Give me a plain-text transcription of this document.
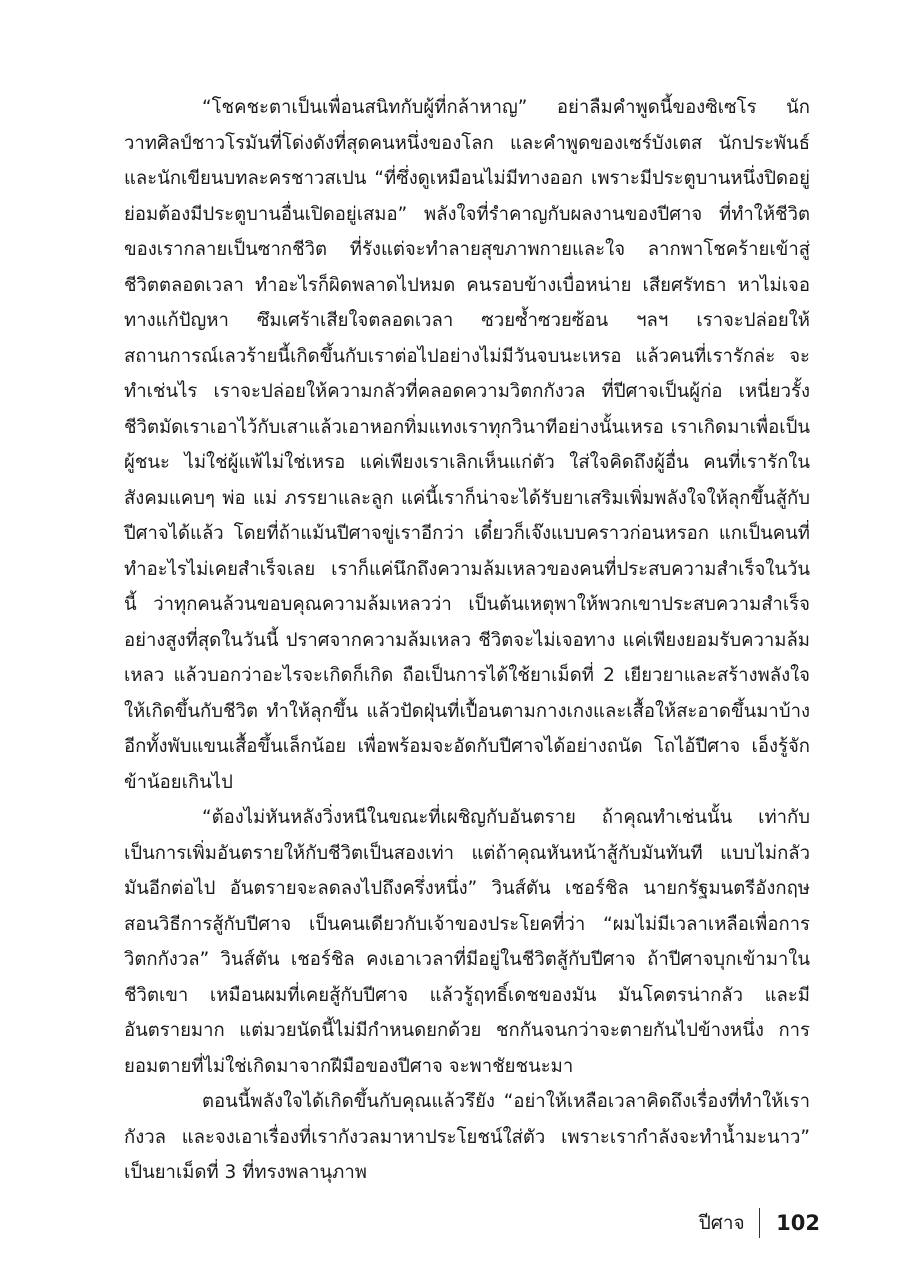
“โชคชะตาเป็นเพื่อนสนิทกับผู้ที่กล้าหาญ” อย่าลืมคำพูดนี้ของซิเซโร นักวาทศิลป์ชาวโรมันที่โด่งดังที่สุดคนหนึ่งของโลก และคำพูดของเซร์บังเตส นักประพันธ์และนักเขียนบทละครชาวสเปน “ที่ซึ่งดูเหมือนไม่มีทางออก เพราะมีประตูบานหนึ่งปิดอยู่ย่อมต้องมีประตูบานอื่นเปิดอยู่เสมอ” พลังใจที่รำคาญกับผลงานของปีศาจ ที่ทำให้ชีวิตของเรากลายเป็นซากชีวิต ที่รังแต่จะทำลายสุขภาพกายและใจ ลากพาโชคร้ายเข้าสู่ชีวิตตลอดเวลา ทำอะไรก็ผิดพลาดไปหมด คนรอบข้างเบื่อหน่าย เสียศรัทธา หาไม่เจอทางแก้ปัญหา ซึมเศร้าเสียใจตลอดเวลา ซวยซ้ำซวยซ้อน ฯลฯ เราจะปล่อยให้สถานการณ์เลวร้ายนี้เกิดขึ้นกับเราต่อไปอย่างไม่มีวันจบนะเหรอ แล้วคนที่เรารักล่ะ จะทำเช่นไร เราจะปล่อยให้ความกลัวที่คลอดความวิตกกังวล ที่ปีศาจเป็นผู้ก่อ เหนี่ยวรั้งชีวิตมัดเราเอาไว้กับเสาแล้วเอาหอกทิ่มแทงเราทุกวินาทีอย่างนั้นเหรอ เราเกิดมาเพื่อเป็นผู้ชนะ ไม่ใช่ผู้แพ้ไม่ใช่เหรอ แค่เพียงเราเลิกเห็นแก่ตัว ใส่ใจคิดถึงผู้อื่น คนที่เรารักในสังคมแคบๆ พ่อ แม่ ภรรยาและลูก แค่นี้เราก็น่าจะได้รับยาเสริมเพิ่มพลังใจให้ลุกขึ้นสู้กับปีศาจได้แล้ว โดยที่ถ้าแม้นปีศาจขู่เราอีกว่า เดี๋ยวก็เจ๊งแบบคราวก่อนหรอก แกเป็นคนที่ทำอะไรไม่เคยสำเร็จเลย เราก็แค่นึกถึงความล้มเหลวของคนที่ประสบความสำเร็จในวันนี้ ว่าทุกคนล้วนขอบคุณความล้มเหลวว่า เป็นต้นเหตุพาให้พวกเขาประสบความสำเร็จอย่างสูงที่สุดในวันนี้ ปราศจากความล้มเหลว ชีวิตจะไม่เจอทาง แค่เพียงยอมรับความล้มเหลว แล้วบอกว่าอะไรจะเกิดก็เกิด ถือเป็นการได้ใช้ยาเม็ดที่ 2 เยียวยาและสร้างพลังใจให้เกิดขึ้นกับชีวิต ทำให้ลุกขึ้น แล้วปัดฝุ่นที่เปื้อนตามกางเกงและเสื้อให้สะอาดขึ้นมาบ้าง อีกทั้งพับแขนเสื้อขึ้นเล็กน้อย เพื่อพร้อมจะอัดกับปีศาจได้อย่างถนัด โถไอ้ปีศาจ เอ็งรู้จักข้าน้อยเกินไป

“ต้องไม่หันหลังวิ่งหนีในขณะที่เผชิญกับอันตราย ถ้าคุณทำเช่นนั้น เท่ากับเป็นการเพิ่มอันตรายให้กับชีวิตเป็นสองเท่า แต่ถ้าคุณหันหน้าสู้กับมันทันที แบบไม่กลัวมันอีกต่อไป อันตรายจะลดลงไปถึงครึ่งหนึ่ง” วินส์ตัน เชอร์ชิล นายกรัฐมนตรีอังกฤษสอนวิธีการสู้กับปีศาจ เป็นคนเดียวกับเจ้าของประโยคที่ว่า “ผมไม่มีเวลาเหลือเพื่อการวิตกกังวล” วินส์ตัน เชอร์ชิล คงเอาเวลาที่มีอยู่ในชีวิตสู้กับปีศาจ ถ้าปีศาจบุกเข้ามาในชีวิตเขา เหมือนผมที่เคยสู้กับปีศาจ แล้วรู้ฤทธิ์เดชของมัน มันโคตรน่ากลัว และมีอันตรายมาก แต่มวยนัดนี้ไม่มีกำหนดยกด้วย ชกกันจนกว่าจะตายกันไปข้างหนึ่ง การยอมตายที่ไม่ใช่เกิดมาจากฝีมือของปีศาจ จะพาชัยชนะมา

ตอนนี้พลังใจได้เกิดขึ้นกับคุณแล้วรึยัง “อย่าให้เหลือเวลาคิดถึงเรื่องที่ทำให้เรากังวล และจงเอาเรื่องที่เรากังวลมาหาประโยชน์ใส่ตัว เพราะเรากำลังจะทำน้ำมะนาว” เป็นยาเม็ดที่ 3 ที่ทรงพลานุภาพ

ปีศาจ 102
